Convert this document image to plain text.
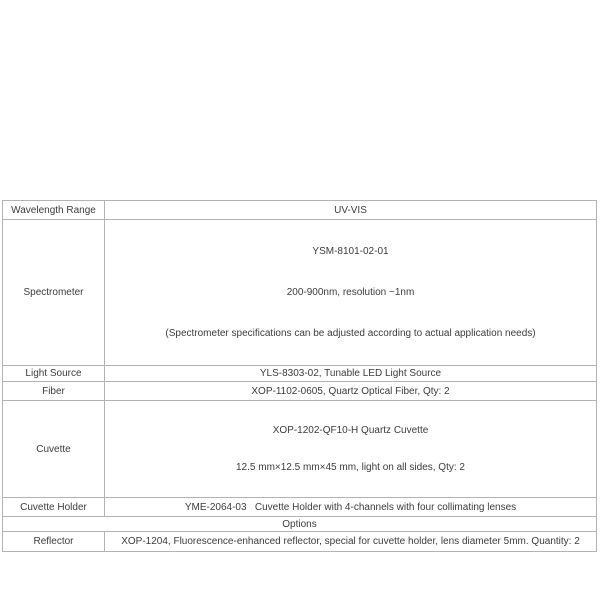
Wavelength Range	UV-VIS
Spectrometer	YSM-8101-02-01

200-900nm, resolution ~1nm

(Spectrometer specifications can be adjusted according to actual application needs)

Light Source	YLS-8303-02, Tunable LED Light Source
Fiber	XOP-1102-0605, Quartz Optical Fiber, Qty: 2
Cuvette	XOP-1202-QF10-H Quartz Cuvette

12.5 mm×12.5 mm×45 mm, light on all sides, Qty: 2

Cuvette Holder	YME-2064-03   Cuvette Holder with 4-channels with four collimating lenses
Options	
Reflector	XOP-1204, Fluorescence-enhanced reflector, special for cuvette holder, lens diameter 5mm. Quantity: 2
